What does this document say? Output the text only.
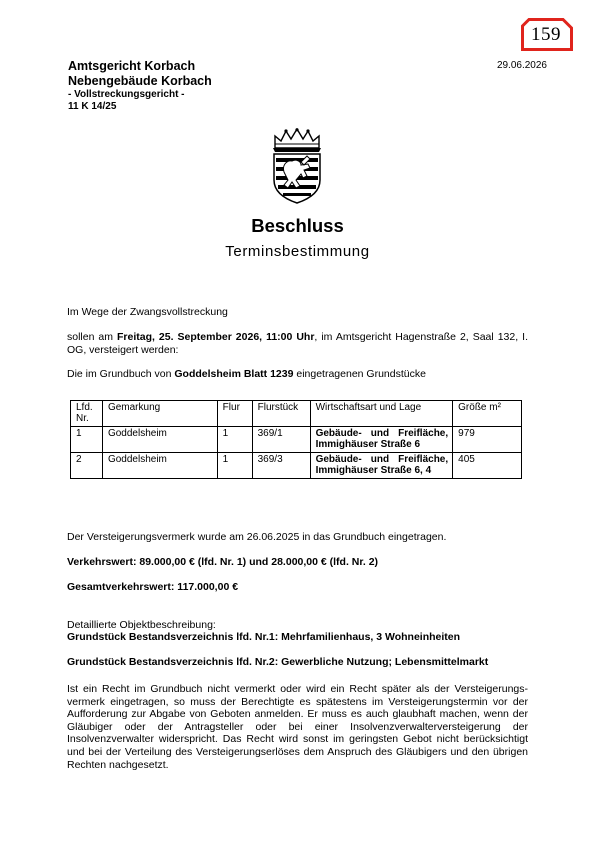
159
29.06.2026
Amtsgericht Korbach
Nebengebäude Korbach
- Vollstreckungsgericht -
11 K 14/25
Beschluss
Terminsbestimmung
Im Wege der Zwangsvollstreckung
sollen am Freitag, 25. September 2026, 11:00 Uhr, im Amtsgericht Hagenstraße 2, Saal 132, I. OG, versteigert werden:
Die im Grundbuch von Goddelsheim Blatt 1239 eingetragenen Grundstücke
Lfd. Nr.	Gemarkung	Flur	Flurstück	Wirtschaftsart und Lage	Größe m²
1	Goddelsheim	1	369/1	Gebäude- und Freifläche, Immighäuser Straße 6	979
2	Goddelsheim	1	369/3	Gebäude- und Freifläche, Immighäuser Straße 6, 4	405
Der Versteigerungsvermerk wurde am 26.06.2025 in das Grundbuch eingetragen.
Verkehrswert: 89.000,00 € (lfd. Nr. 1) und 28.000,00 € (lfd. Nr. 2)
Gesamtverkehrswert: 117.000,00 €
Detaillierte Objektbeschreibung:
Grundstück Bestandsverzeichnis lfd. Nr.1: Mehrfamilienhaus, 3 Wohneinheiten
Grundstück Bestandsverzeichnis lfd. Nr.2: Gewerbliche Nutzung; Lebensmittelmarkt
Ist ein Recht im Grundbuch nicht vermerkt oder wird ein Recht später als der Versteigerungs-vermerk eingetragen, so muss der Berechtigte es spätestens im Versteigerungstermin vor der Aufforderung zur Abgabe von Geboten anmelden. Er muss es auch glaubhaft machen, wenn der Gläubiger oder der Antragsteller oder bei einer Insolvenzverwalterversteigerung der Insolvenzverwalter widerspricht. Das Recht wird sonst im geringsten Gebot nicht berücksichtigt und bei der Verteilung des Versteigerungserlöses dem Anspruch des Gläubigers und den übrigen Rechten nachgesetzt.
